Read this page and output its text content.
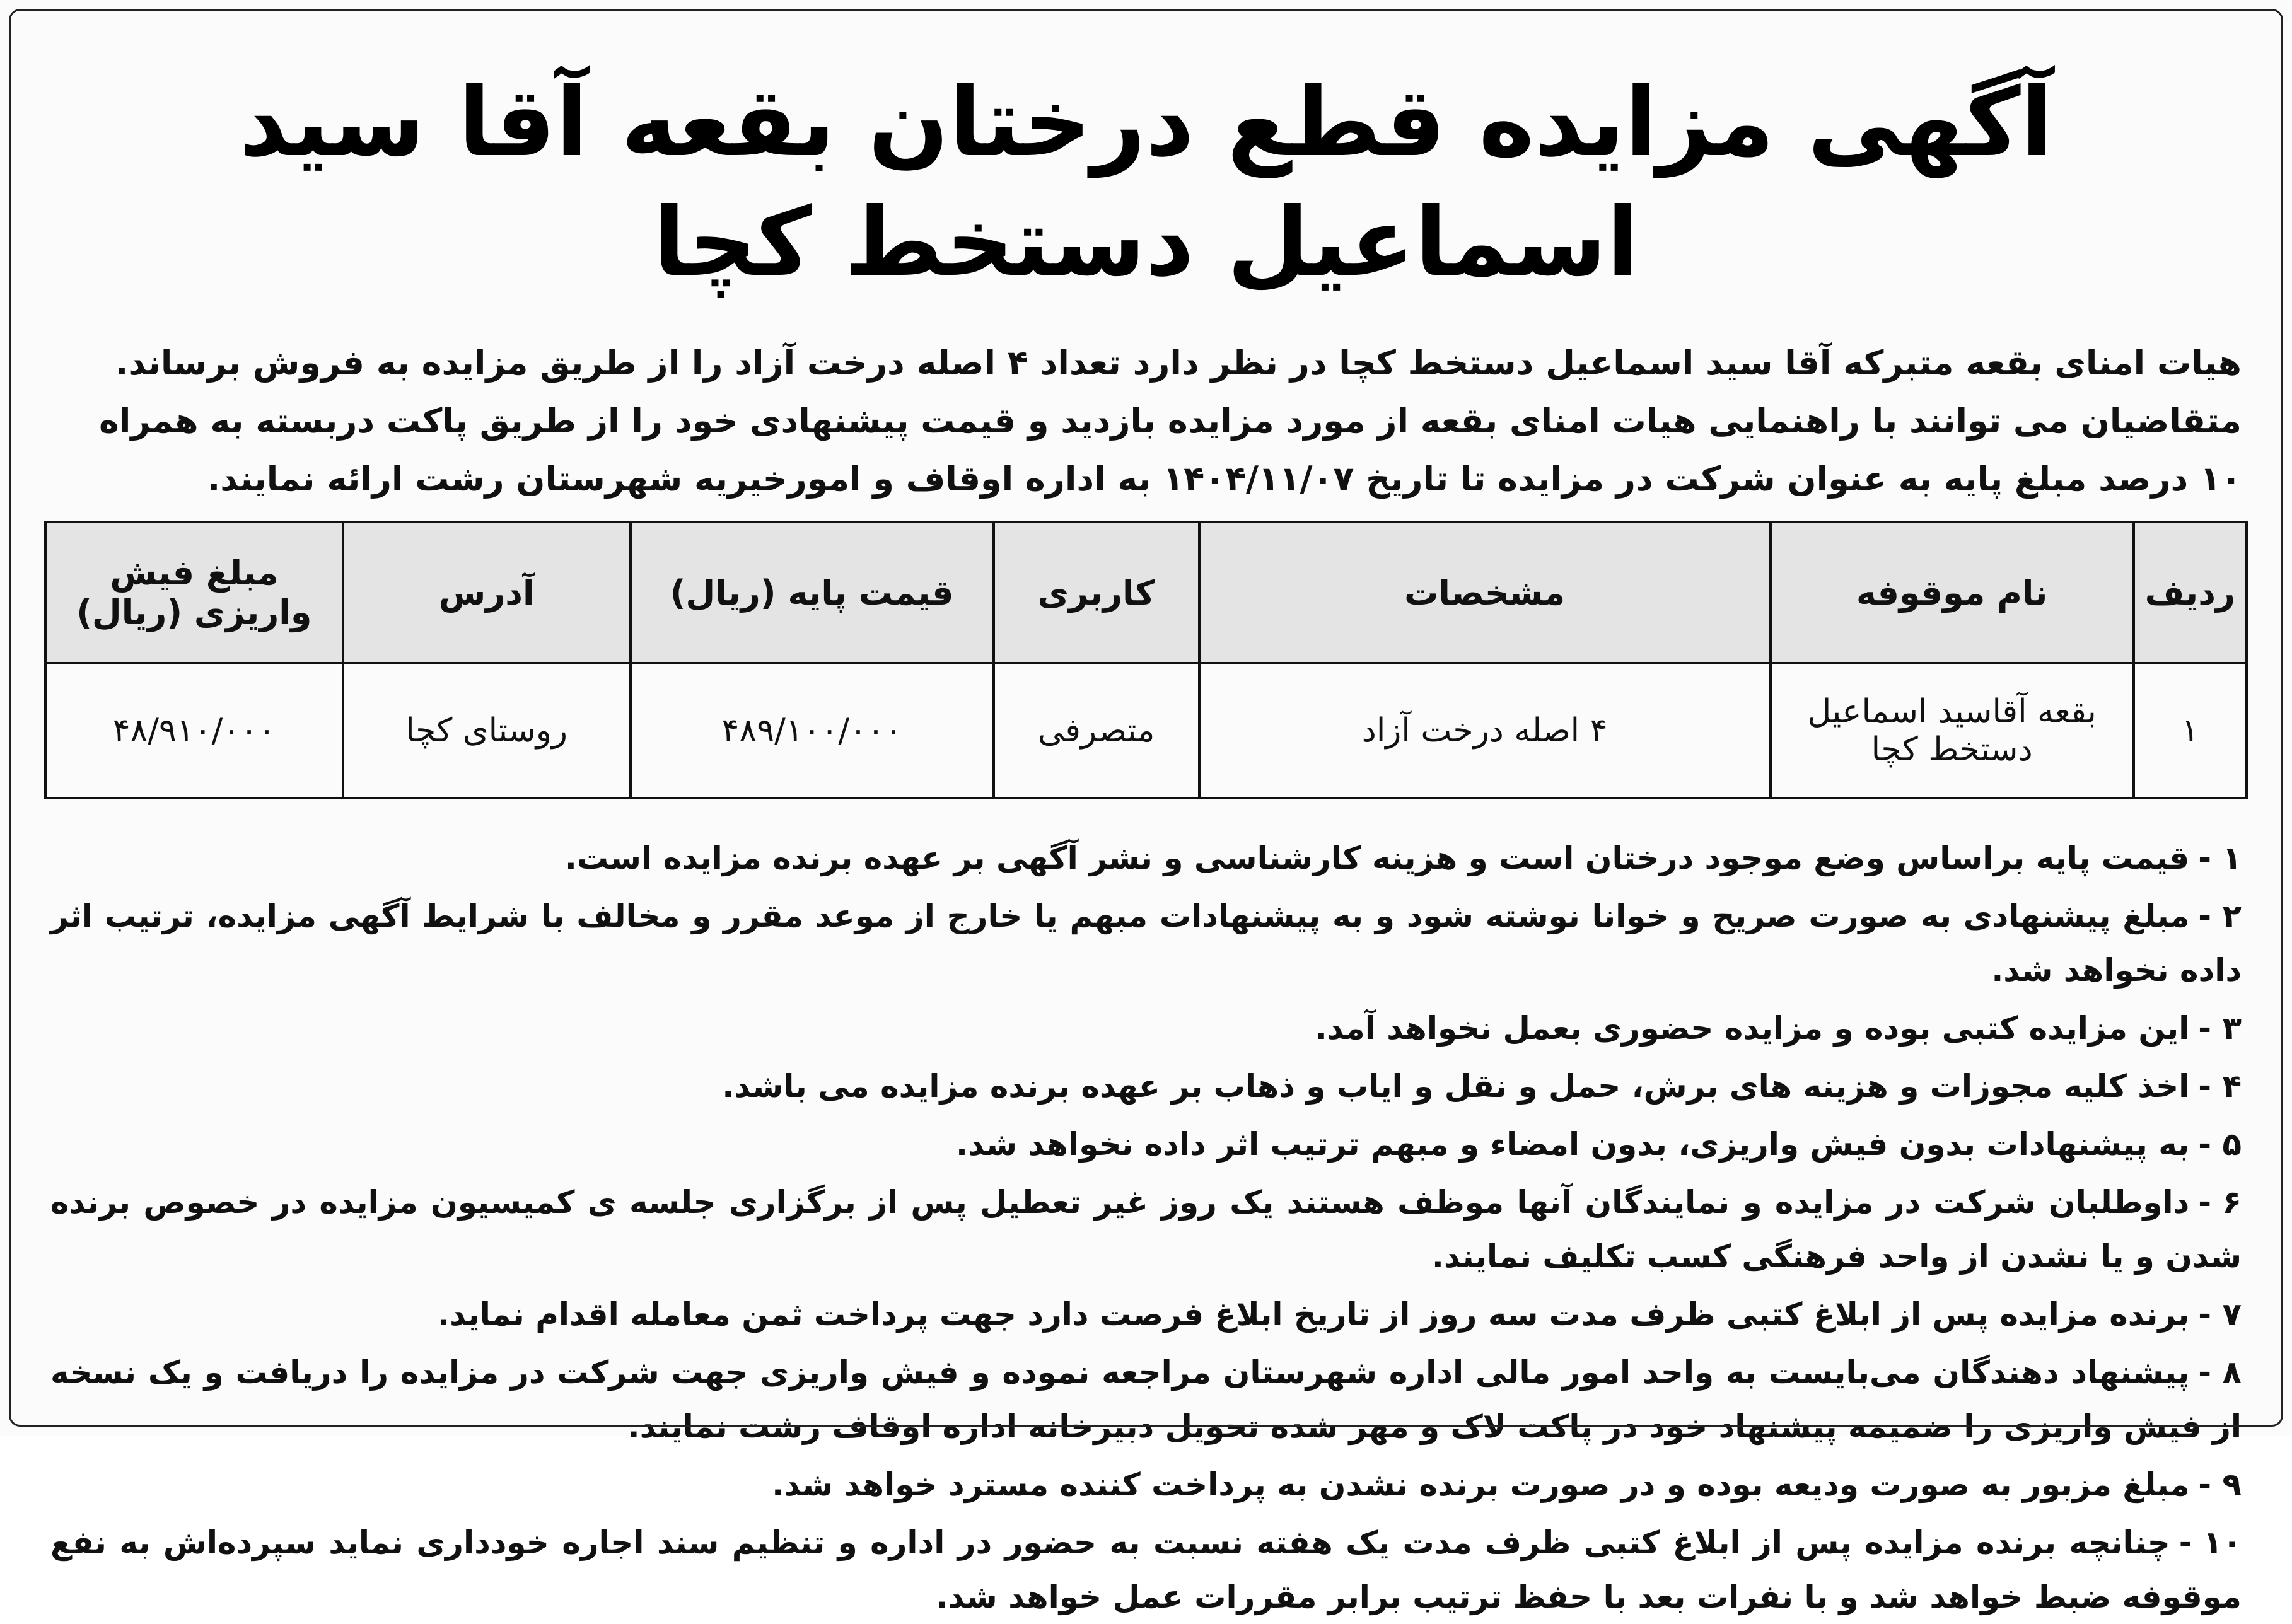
آگهی مزایده قطع درختان بقعه آقا سید اسماعیل دستخط کچا

هیات امنای بقعه متبرکه آقا سید اسماعیل دستخط کچا در نظر دارد تعداد ۴ اصله درخت آزاد را از طریق مزایده به فروش برساند.

متقاضیان می توانند با راهنمایی هیات امنای بقعه از مورد مزایده بازدید و قیمت پیشنهادی خود را از طریق پاکت دربسته به همراه

۱۰ درصد مبلغ پایه به عنوان شرکت در مزایده تا تاریخ ۱۴۰۴/۱۱/۰۷ به اداره اوقاف و امورخیریه شهرستان رشت ارائه نمایند.

ردیف	نام موقوفه	مشخصات	کاربری	قیمت پایه (ریال)	آدرس	مبلغ فیش واریزی (ریال)
۱	بقعه آقاسید اسماعیل دستخط کچا	۴ اصله درخت آزاد	متصرفی	۴۸۹/۱۰۰/۰۰۰	روستای کچا	۴۸/۹۱۰/۰۰۰
۱ -قیمت پایه براساس وضع موجود درختان است و هزینه کارشناسی و نشر آگهی بر عهده برنده مزایده است.
۲ -مبلغ پیشنهادی به صورت صریح و خوانا نوشته شود و به پیشنهادات مبهم یا خارج از موعد مقرر و مخالف با شرایط آگهی مزایده، ترتیب اثر داده نخواهد شد.
۳ -این مزایده کتبی بوده و مزایده حضوری بعمل نخواهد آمد.
۴ -اخذ کلیه مجوزات و هزینه های برش، حمل و نقل و ایاب و ذهاب بر عهده برنده مزایده می باشد.
۵ -به پیشنهادات بدون فیش واریزی، بدون امضاء و مبهم ترتیب اثر داده نخواهد شد.
۶ -داوطلبان شرکت در مزایده و نمایندگان آنها موظف هستند یک روز غیر تعطیل پس از برگزاری جلسه ی کمیسیون مزایده در خصوص برنده شدن و یا نشدن از واحد فرهنگی کسب تکلیف نمایند.
۷ -برنده مزایده پس از ابلاغ کتبی ظرف مدت سه روز از تاریخ ابلاغ فرصت دارد جهت پرداخت ثمن معامله اقدام نماید.
۸ -پیشنهاد دهندگان می‌بایست به واحد امور مالی اداره شهرستان مراجعه نموده و فیش واریزی جهت شرکت در مزایده را دریافت و یک نسخه از فیش واریزی را ضمیمه پیشنهاد خود در پاکت لاک و مهر شده تحویل دبیرخانه اداره اوقاف رشت نمایند.
۹ -مبلغ مزبور به صورت ودیعه بوده و در صورت برنده نشدن به پرداخت کننده مسترد خواهد شد.
۱۰ -چنانچه برنده مزایده پس از ابلاغ کتبی ظرف مدت یک هفته نسبت به حضور در اداره و تنظیم سند اجاره خودداری نماید سپرده‌اش به نفع موقوفه ضبط خواهد شد و با نفرات بعد با حفظ ترتیب برابر مقررات عمل خواهد شد.
